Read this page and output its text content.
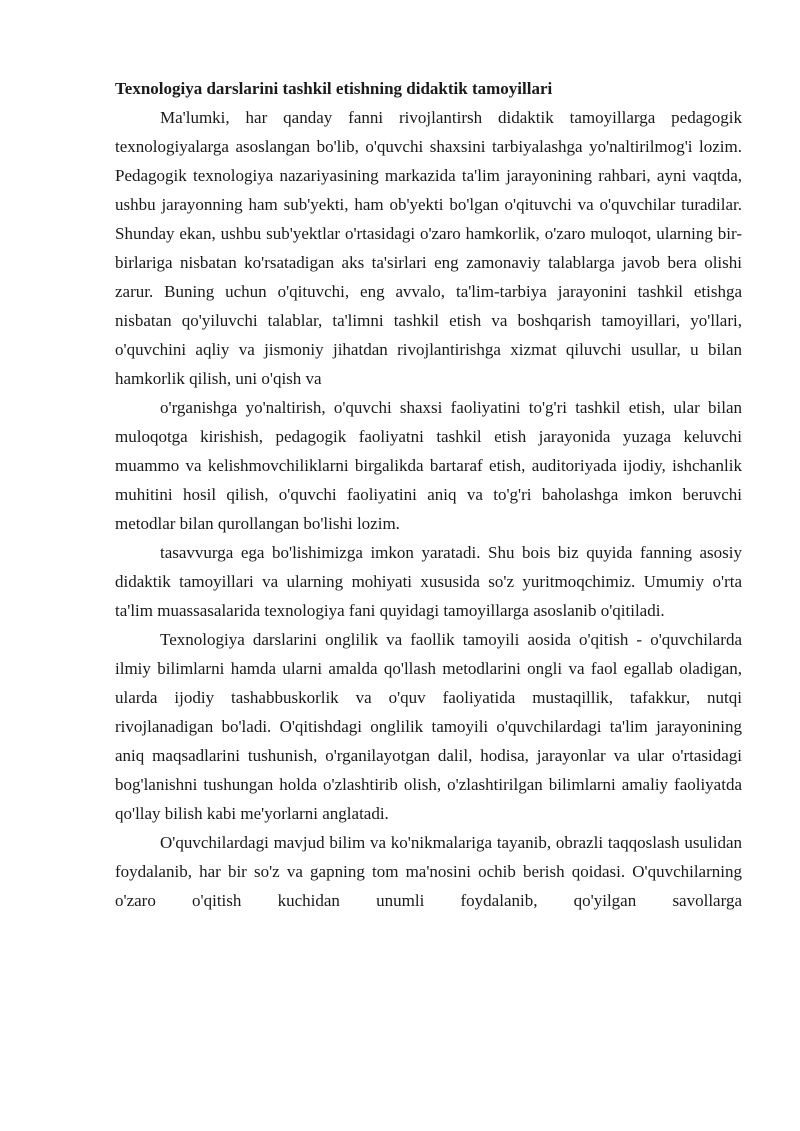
Texnologiya darslarini tashkil etishning didaktik tamoyillari

Ma'lumki, har qanday fanni rivojlantirsh didaktik tamoyillarga pedagogik texnologiyalarga asoslangan bo'lib, o'quvchi shaxsini tarbiyalashga yo'naltirilmog'i lozim. Pedagogik texnologiya nazariyasining markazida ta'lim jarayonining rahbari, ayni vaqtda, ushbu jarayonning ham sub'yekti, ham ob'yekti bo'lgan o'qituvchi va o'quvchilar turadilar. Shunday ekan, ushbu sub'yektlar o'rtasidagi o'zaro hamkorlik, o'zaro muloqot, ularning bir-birlariga nisbatan ko'rsatadigan aks ta'sirlari eng zamonaviy talablarga javob bera olishi zarur. Buning uchun o'qituvchi, eng avvalo, ta'lim-tarbiya jarayonini tashkil etishga nisbatan qo'yiluvchi talablar, ta'limni tashkil etish va boshqarish tamoyillari, yo'llari, o'quvchini aqliy va jismoniy jihatdan rivojlantirishga xizmat qiluvchi usullar, u bilan hamkorlik qilish, uni o'qish va

o'rganishga yo'naltirish, o'quvchi shaxsi faoliyatini to'g'ri tashkil etish, ular bilan muloqotga kirishish, pedagogik faoliyatni tashkil etish jarayonida yuzaga keluvchi muammo va kelishmovchiliklarni birgalikda bartaraf etish, auditoriyada ijodiy, ishchanlik muhitini hosil qilish, o'quvchi faoliyatini aniq va to'g'ri baholashga imkon beruvchi metodlar bilan qurollangan bo'lishi lozim.

tasavvurga ega bo'lishimizga imkon yaratadi. Shu bois biz quyida fanning asosiy didaktik tamoyillari va ularning mohiyati xususida so'z yuritmoqchimiz. Umumiy o'rta ta'lim muassasalarida texnologiya fani quyidagi tamoyillarga asoslanib o'qitiladi.

Texnologiya darslarini onglilik va faollik tamoyili aosida o'qitish - o'quvchilarda ilmiy bilimlarni hamda ularni amalda qo'llash metodlarini ongli va faol egallab oladigan, ularda ijodiy tashabbuskorlik va o'quv faoliyatida mustaqillik, tafakkur, nutqi rivojlanadigan bo'ladi. O'qitishdagi onglilik tamoyili o'quvchilardagi ta'lim jarayonining aniq maqsadlarini tushunish, o'rganilayotgan dalil, hodisa, jarayonlar va ular o'rtasidagi bog'lanishni tushungan holda o'zlashtirib olish, o'zlashtirilgan bilimlarni amaliy faoliyatda qo'llay bilish kabi me'yorlarni anglatadi.

O'quvchilardagi mavjud bilim va ko'nikmalariga tayanib, obrazli taqqoslash usulidan foydalanib, har bir so'z va gapning tom ma'nosini ochib berish qoidasi. O'quvchilarning o'zaro o'qitish kuchidan unumli foydalanib, qo'yilgan savollarga
